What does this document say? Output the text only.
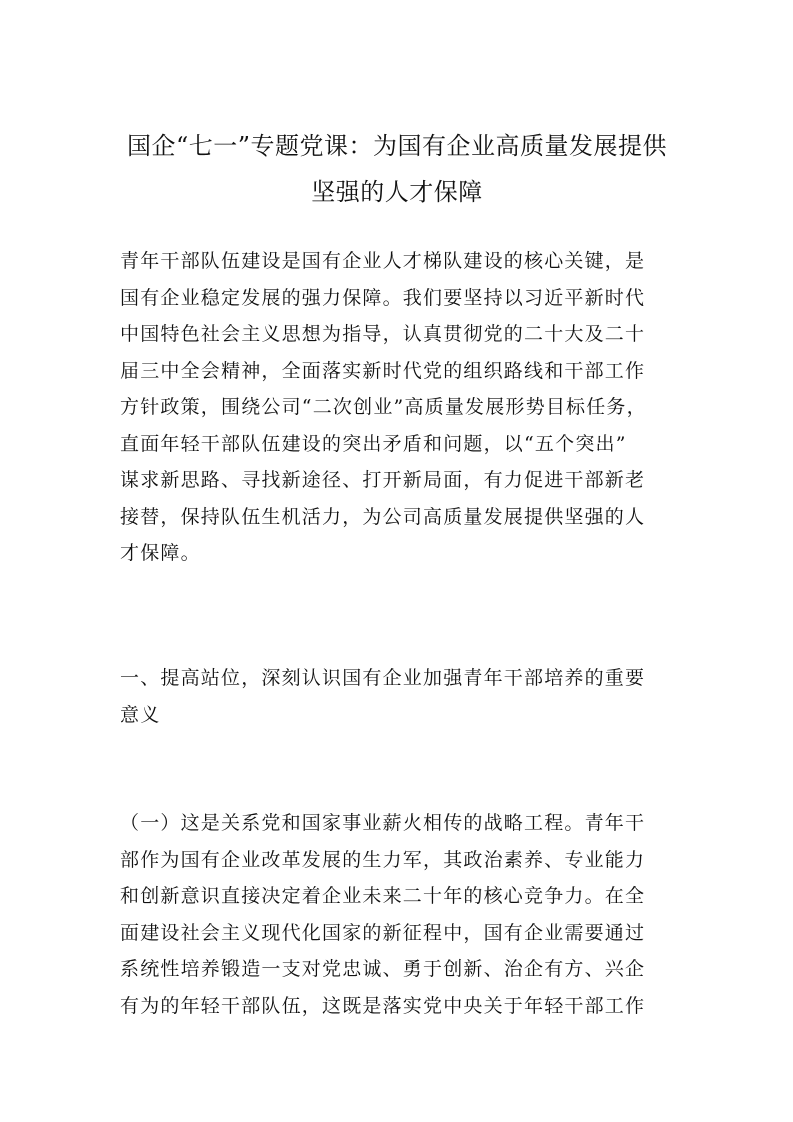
国企“七一”专题党课：为国有企业高质量发展提供
坚强的人才保障
青年干部队伍建设是国有企业人才梯队建设的核心关键，是
国有企业稳定发展的强力保障。我们要坚持以习近平新时代
中国特色社会主义思想为指导，认真贯彻党的二十大及二十
届三中全会精神，全面落实新时代党的组织路线和干部工作
方针政策，围绕公司“二次创业”高质量发展形势目标任务，
直面年轻干部队伍建设的突出矛盾和问题，以“五个突出”
谋求新思路、寻找新途径、打开新局面，有力促进干部新老
接替，保持队伍生机活力，为公司高质量发展提供坚强的人
才保障。
一、提高站位，深刻认识国有企业加强青年干部培养的重要
意义
（一）这是关系党和国家事业薪火相传的战略工程。青年干
部作为国有企业改革发展的生力军，其政治素养、专业能力
和创新意识直接决定着企业未来二十年的核心竞争力。在全
面建设社会主义现代化国家的新征程中，国有企业需要通过
系统性培养锻造一支对党忠诚、勇于创新、治企有方、兴企
有为的年轻干部队伍，这既是落实党中央关于年轻干部工作
